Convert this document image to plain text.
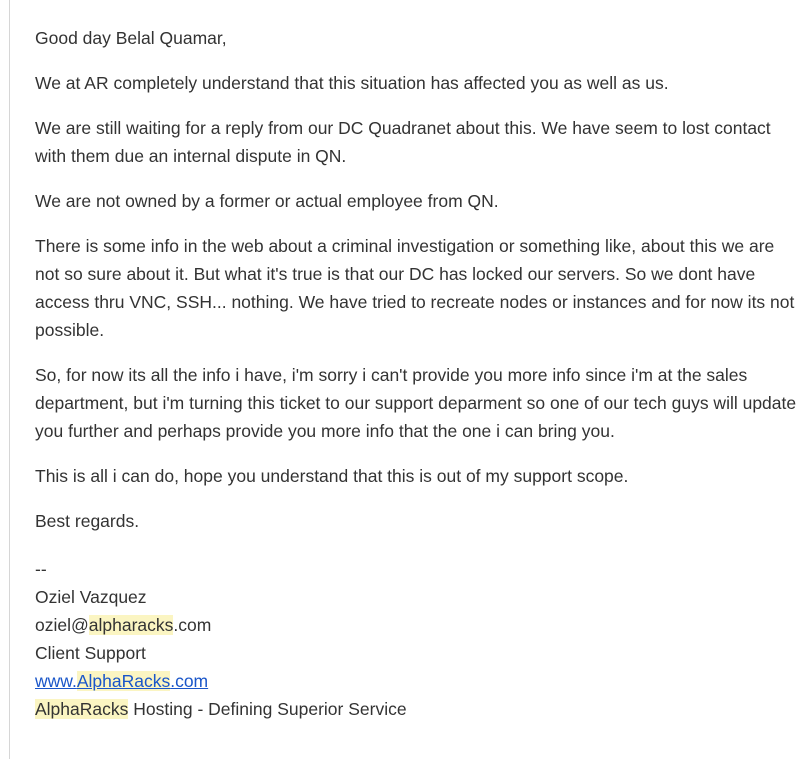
Good day Belal Quamar,

We at AR completely understand that this situation has affected you as well as us.

We are still waiting for a reply from our DC Quadranet about this. We have seem to lost contact with them due an internal dispute in QN.

We are not owned by a former or actual employee from QN.

There is some info in the web about a criminal investigation or something like, about this we are not so sure about it. But what it's true is that our DC has locked our servers. So we dont have access thru VNC, SSH... nothing. We have tried to recreate nodes or instances and for now its not possible.

So, for now its all the info i have, i'm sorry i can't provide you more info since i'm at the sales department, but i'm turning this ticket to our support deparment so one of our tech guys will update you further and perhaps provide you more info that the one i can bring you.

This is all i can do, hope you understand that this is out of my support scope.

Best regards.

--
Oziel Vazquez
oziel@alpharacks.com
Client Support
www.AlphaRacks.com
AlphaRacks Hosting - Defining Superior Service
